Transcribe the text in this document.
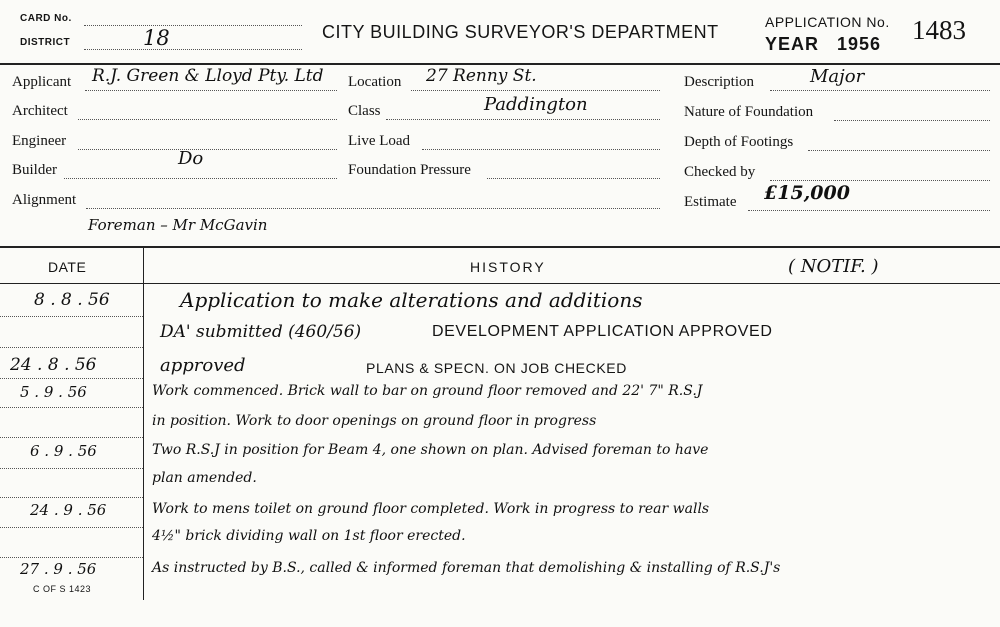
CARD No.
DISTRICT	18	CITY BUILDING SURVEYOR'S DEPARTMENT	APPLICATION No. 1483
YEAR 1956
Applicant R.J. Green & Lloyd Pty. Ltd
Architect
Engineer
Builder
Do
Alignment
Location 27 Renny St.
Class	Paddington
Live Load
Foundation Pressure
Description	Major
Nature of Foundation
Depth of Footings
Checked by
Estimate £15,000
Foreman – Mr McGavin
DATE	HISTORY	( NOTIF. )
8 . 8 . 56	Application to make alterations and additions
DA' submitted (460/56)	DEVELOPMENT APPLICATION APPROVED
24 . 8 . 56	approved	PLANS & SPECN. ON JOB CHECKED
5 . 9 . 56	Work commenced. Brick wall to bar on ground floor removed and 22' 7" R.S.J
in position. Work to door openings on ground floor in progress
6 . 9 . 56	Two R.S.J in position for Beam 4, one shown on plan. Advised foreman to have
plan amended.
24 . 9 . 56	Work to mens toilet on ground floor completed. Work in progress to rear walls
4½" brick dividing wall on 1st floor erected.
27 . 9 . 56	As instructed by B.S., called & informed foreman that demolishing & installing of R.S.J's
C OF S 1423
